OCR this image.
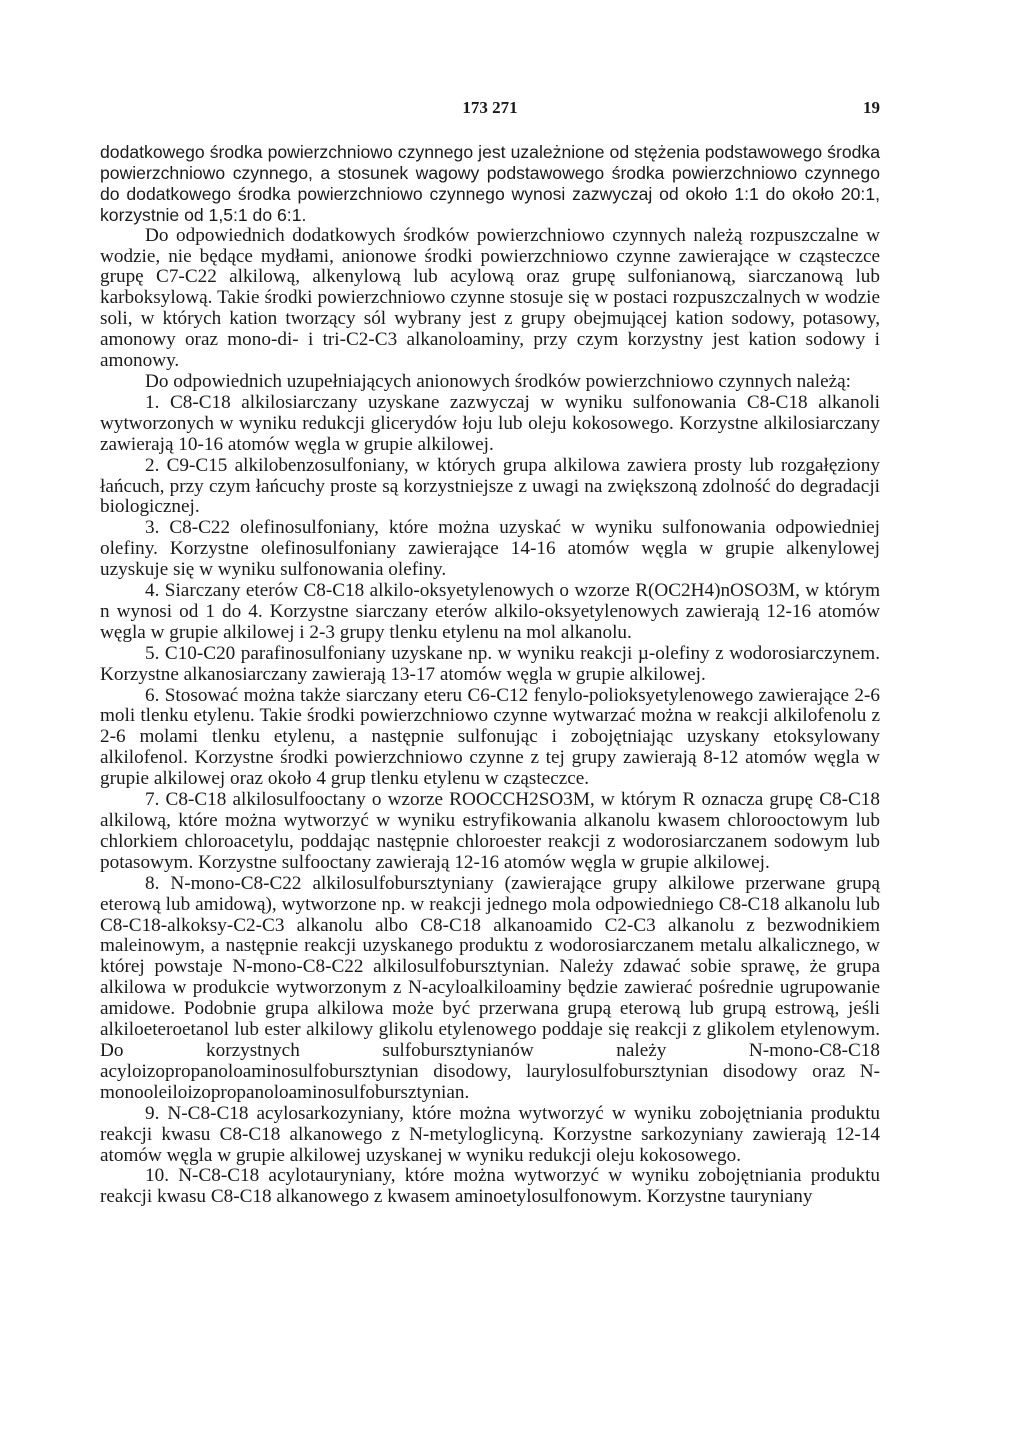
173 271	19

dodatkowego środka powierzchniowo czynnego jest uzależnione od stężenia podstawowego środka powierzchniowo czynnego, a stosunek wagowy podstawowego środka powierzchniowo czynnego do dodatkowego środka powierzchniowo czynnego wynosi zazwyczaj od około 1:1 do około 20:1, korzystnie od 1,5:1 do 6:1.

Do odpowiednich dodatkowych środków powierzchniowo czynnych należą rozpuszczalne w wodzie, nie będące mydłami, anionowe środki powierzchniowo czynne zawierające w cząsteczce grupę C7-C22 alkilową, alkenylową lub acylową oraz grupę sulfonianową, siarczanową lub karboksylową. Takie środki powierzchniowo czynne stosuje się w postaci rozpuszczalnych w wodzie soli, w których kation tworzący sól wybrany jest z grupy obejmującej kation sodowy, potasowy, amonowy oraz mono-di- i tri-C2-C3 alkanoloaminy, przy czym korzystny jest kation sodowy i amonowy.

Do odpowiednich uzupełniających anionowych środków powierzchniowo czynnych należą:

1. C8-C18 alkilosiarczany uzyskane zazwyczaj w wyniku sulfonowania C8-C18 alkanoli wytworzonych w wyniku redukcji glicerydów łoju lub oleju kokosowego. Korzystne alkilosiarczany zawierają 10-16 atomów węgla w grupie alkilowej.

2. C9-C15 alkilobenzosulfoniany, w których grupa alkilowa zawiera prosty lub rozgałęziony łańcuch, przy czym łańcuchy proste są korzystniejsze z uwagi na zwiększoną zdolność do degradacji biologicznej.

3. C8-C22 olefinosulfoniany, które można uzyskać w wyniku sulfonowania odpowiedniej olefiny. Korzystne olefinosulfoniany zawierające 14-16 atomów węgla w grupie alkenylowej uzyskuje się w wyniku sulfonowania olefiny.

4. Siarczany eterów C8-C18 alkilo-oksyetylenowych o wzorze R(OC2H4)nOSO3M, w którym n wynosi od 1 do 4. Korzystne siarczany eterów alkilo-oksyetylenowych zawierają 12-16 atomów węgla w grupie alkilowej i 2-3 grupy tlenku etylenu na mol alkanolu.

5. C10-C20 parafinosulfoniany uzyskane np. w wyniku reakcji µ-olefiny z wodorosiarczynem. Korzystne alkanosiarczany zawierają 13-17 atomów węgla w grupie alkilowej.

6. Stosować można także siarczany eteru C6-C12 fenylo-polioksyetylenowego zawierające 2-6 moli tlenku etylenu. Takie środki powierzchniowo czynne wytwarzać można w reakcji alkilofenolu z 2-6 molami tlenku etylenu, a następnie sulfonując i zobojętniając uzyskany etoksylowany alkilofenol. Korzystne środki powierzchniowo czynne z tej grupy zawierają 8-12 atomów węgla w grupie alkilowej oraz około 4 grup tlenku etylenu w cząsteczce.

7. C8-C18 alkilosulfooctany o wzorze ROOCCH2SO3M, w którym R oznacza grupę C8-C18 alkilową, które można wytworzyć w wyniku estryfikowania alkanolu kwasem chlorooctowym lub chlorkiem chloroacetylu, poddając następnie chloroester reakcji z wodorosiarczanem sodowym lub potasowym. Korzystne sulfooctany zawierają 12-16 atomów węgla w grupie alkilowej.

8. N-mono-C8-C22 alkilosulfobursztyniany (zawierające grupy alkilowe przerwane grupą eterową lub amidową), wytworzone np. w reakcji jednego mola odpowiedniego C8-C18 alkanolu lub C8-C18-alkoksy-C2-C3 alkanolu albo C8-C18 alkanoamido C2-C3 alkanolu z bezwodnikiem maleinowym, a następnie reakcji uzyskanego produktu z wodorosiarczanem metalu alkalicznego, w której powstaje N-mono-C8-C22 alkilosulfobursztynian. Należy zdawać sobie sprawę, że grupa alkilowa w produkcie wytworzonym z N-acyloalkiloaminy będzie zawierać pośrednie ugrupowanie amidowe. Podobnie grupa alkilowa może być przerwana grupą eterową lub grupą estrową, jeśli alkiloeteroetanol lub ester alkilowy glikolu etylenowego poddaje się reakcji z glikolem etylenowym. Do korzystnych sulfobursztynianów należy N-mono-C8-C18 acyloizopropanoloaminosulfobursztynian disodowy, laurylosulfobursztynian disodowy oraz N-monooleiloizopropanoloaminosulfobursztynian.

9. N-C8-C18 acylosarkozyniany, które można wytworzyć w wyniku zobojętniania produktu reakcji kwasu C8-C18 alkanowego z N-metyloglicyną. Korzystne sarkozyniany zawierają 12-14 atomów węgla w grupie alkilowej uzyskanej w wyniku redukcji oleju kokosowego.

10. N-C8-C18 acylotauryniany, które można wytworzyć w wyniku zobojętniania produktu reakcji kwasu C8-C18 alkanowego z kwasem aminoetylosulfonowym. Korzystne tauryniany
